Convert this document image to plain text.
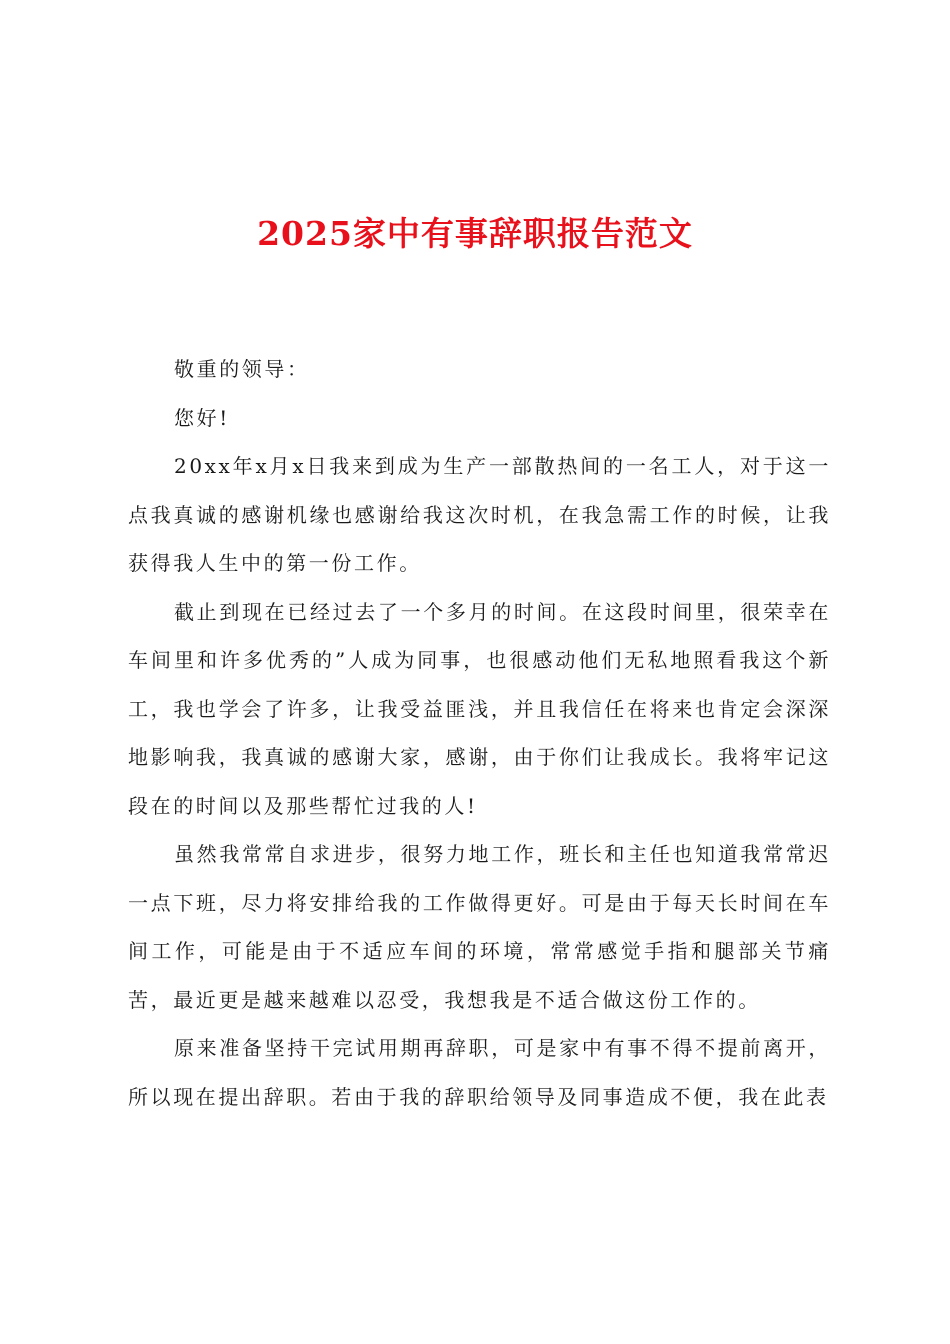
2025家中有事辞职报告范文

敬重的领导：

您好!

20xx年x月x日我来到成为生产一部散热间的一名工人，对于这一点我真诚的感谢机缘也感谢给我这次时机，在我急需工作的时候，让我获得我人生中的第一份工作。

截止到现在已经过去了一个多月的时间。在这段时间里，很荣幸在车间里和许多优秀的”人成为同事，也很感动他们无私地照看我这个新工，我也学会了许多，让我受益匪浅，并且我信任在将来也肯定会深深地影响我，我真诚的感谢大家，感谢，由于你们让我成长。我将牢记这段在的时间以及那些帮忙过我的人!

虽然我常常自求进步，很努力地工作，班长和主任也知道我常常迟一点下班，尽力将安排给我的工作做得更好。可是由于每天长时间在车间工作，可能是由于不适应车间的环境，常常感觉手指和腿部关节痛苦，最近更是越来越难以忍受，我想我是不适合做这份工作的。

原来准备坚持干完试用期再辞职，可是家中有事不得不提前离开，所以现在提出辞职。若由于我的辞职给领导及同事造成不便，我在此表
